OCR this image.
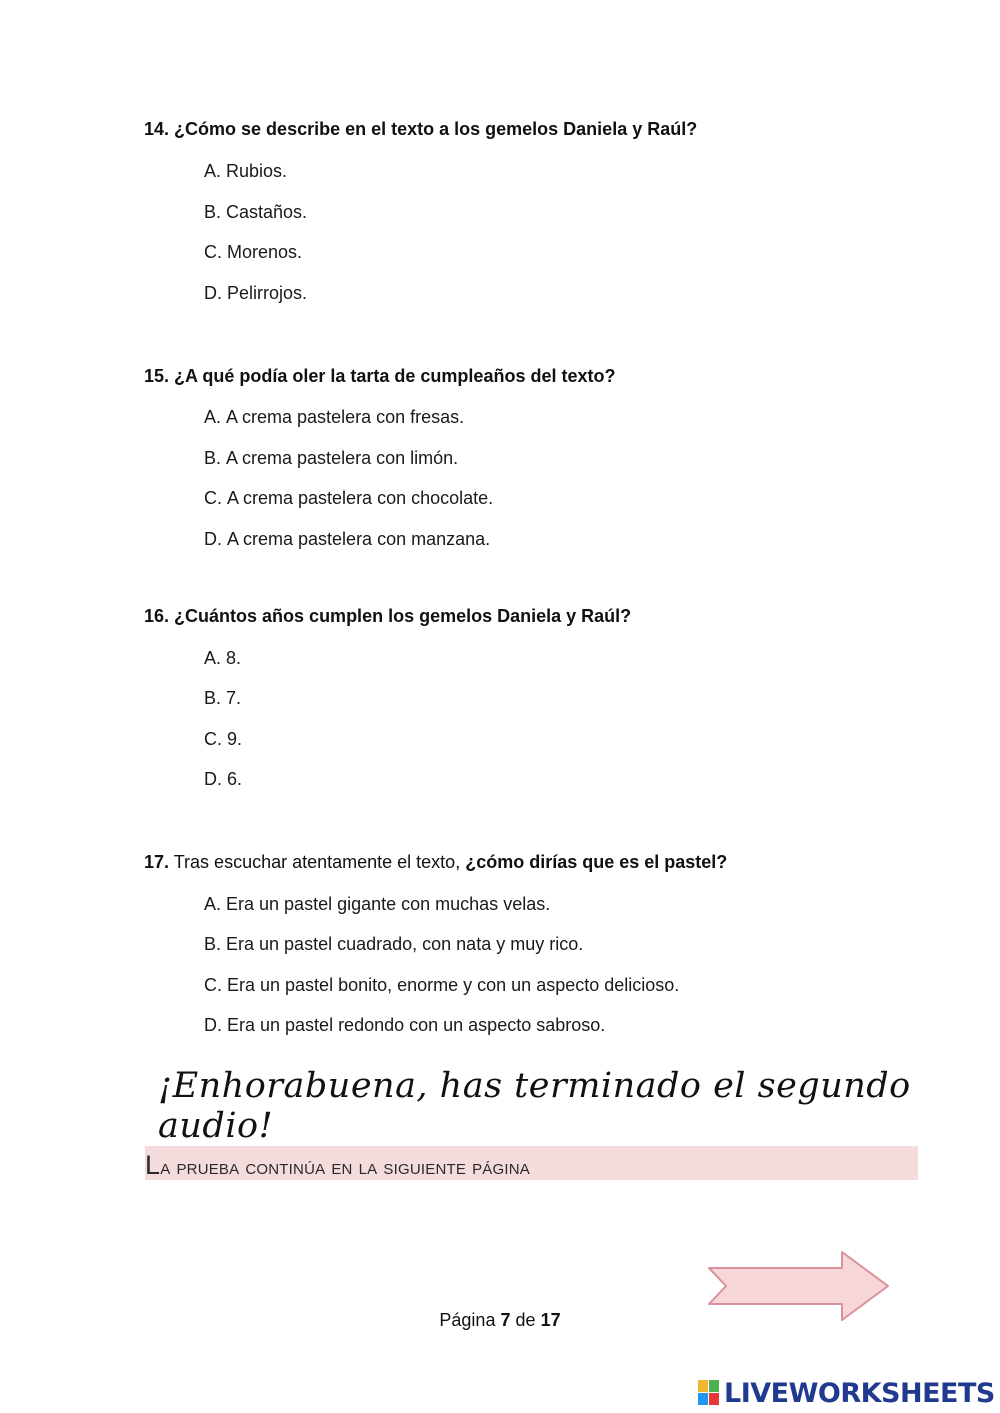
14. ¿Cómo se describe en el texto a los gemelos Daniela y Raúl?
A. Rubios.
B. Castaños.
C. Morenos.
D. Pelirrojos.
15. ¿A qué podía oler la tarta de cumpleaños del texto?
A. A crema pastelera con fresas.
B. A crema pastelera con limón.
C. A crema pastelera con chocolate.
D. A crema pastelera con manzana.
16. ¿Cuántos años cumplen los gemelos Daniela y Raúl?
A. 8.
B. 7.
C. 9.
D. 6.
17. Tras escuchar atentamente el texto, ¿cómo dirías que es el pastel?
A. Era un pastel gigante con muchas velas.
B. Era un pastel cuadrado, con nata y muy rico.
C. Era un pastel bonito, enorme y con un aspecto delicioso.
D. Era un pastel redondo con un aspecto sabroso.
¡Enhorabuena, has terminado el segundo audio!
La prueba continúa en la siguiente página
Página 7 de 17
LIVEWORKSHEETS
